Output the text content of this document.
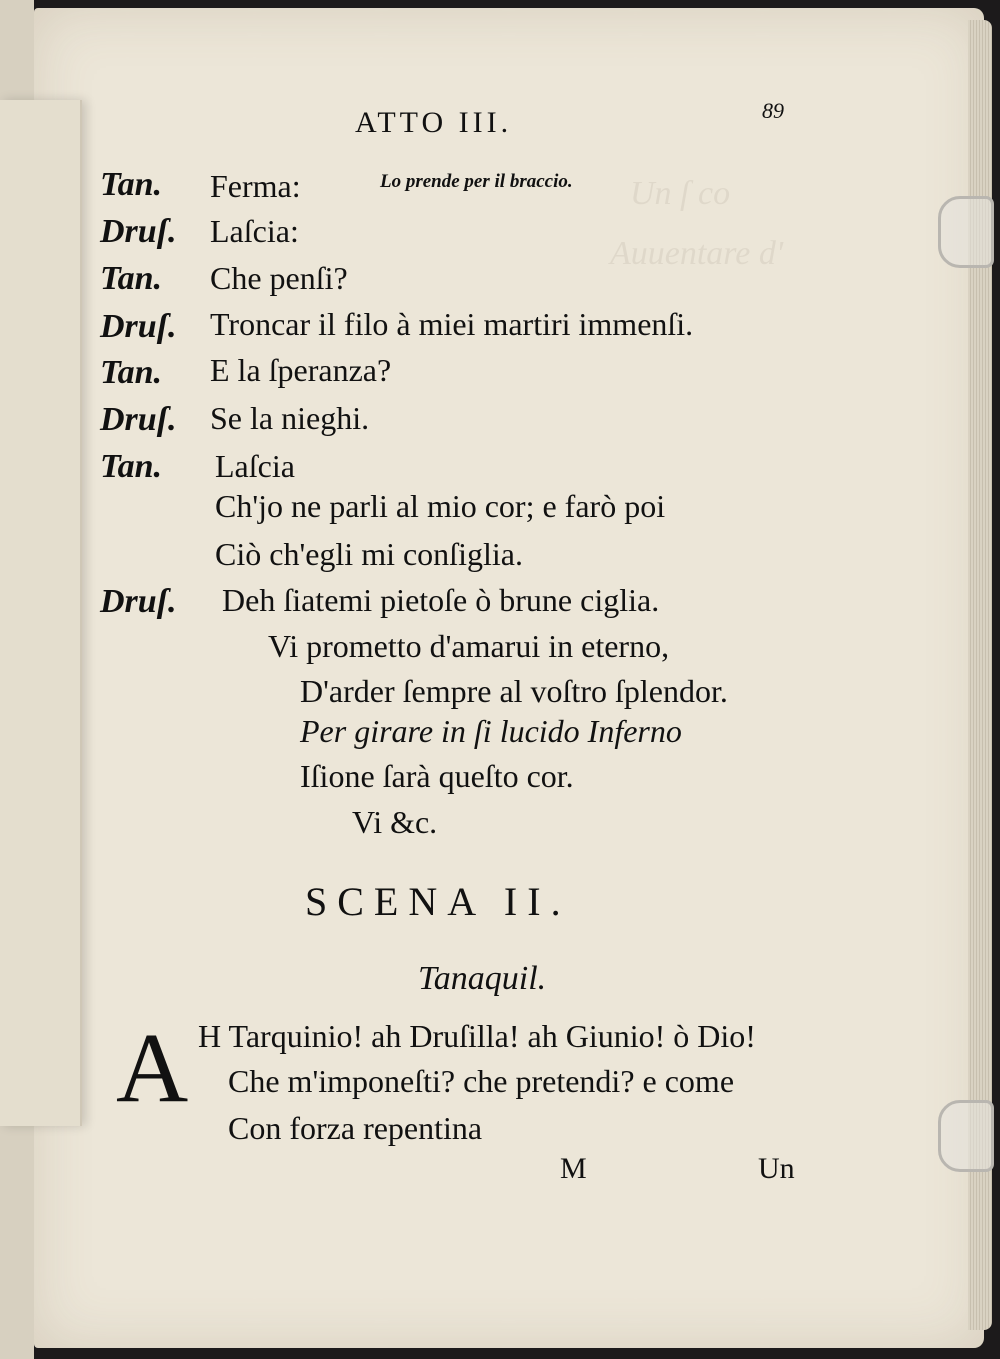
Un ſ co
Auuentare d'
ATTO III.	89
Tan. Ferma:	Lo prende per il braccio.
Druſ. Laſcia:
Tan. Che penſi?
Druſ. Troncar il filo à miei martiri immenſi.
Tan. E la ſperanza?
Druſ. Se la nieghi.
Tan. Laſcia
Ch'jo ne parli al mio cor; e farò poi
Ciò ch'egli mi conſiglia.
Druſ. Deh ſiatemi pietoſe ò brune ciglia.
Vi prometto d'amarui in eterno,
D'arder ſempre al voſtro ſplendor.
Per girare in ſi lucido Inferno
Iſione ſarà queſto cor.
Vi &c.
SCENA II.
Tanaquil.
A H Tarquinio! ah Druſilla! ah Giunio! ò Dio!
Che m'imponeſti? che pretendi? e come
Con forza repentina
M	Un
